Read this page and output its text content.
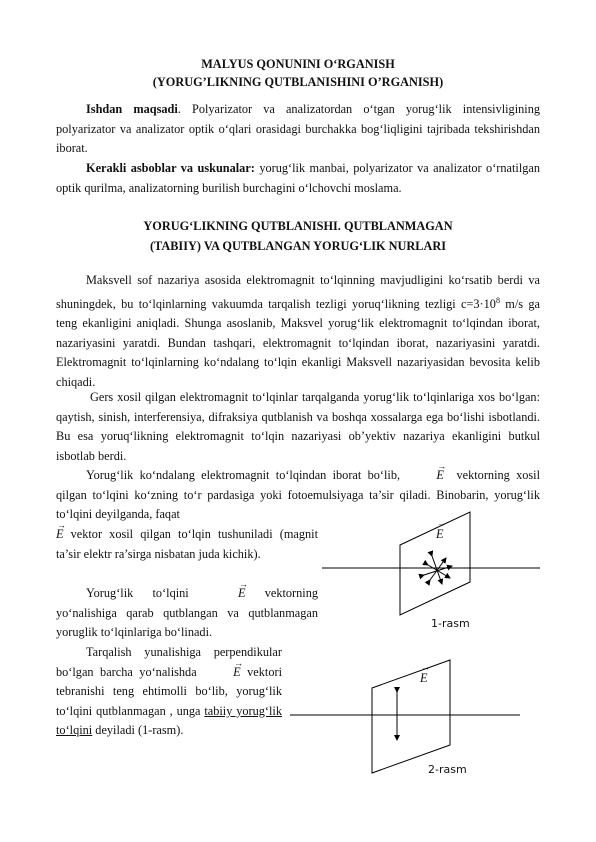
MALYUS QONUNINI O‘RGANISH
(YORUG’LIKNING QUTBLANISHINI O’RGANISH)
Ishdan maqsadi. Polyarizator va analizatordan o‘tgan yorug‘lik intensivligining polyarizator va analizator optik o‘qlari orasidagi burchakka bog‘liqligini tajribada tekshirishdan iborat.
Kerakli asboblar va uskunalar: yorug‘lik manbai, polyarizator va analizator o‘rnatilgan optik qurilma, analizatorning burilish burchagini o‘lchovchi moslama.
YORUG‘LIKNING QUTBLANISHI. QUTBLANMAGAN
(TABIIY) VA QUTBLANGAN YORUG‘LIK NURLARI
Maksvell sof nazariya asosida elektromagnit to‘lqinning mavjudligini ko‘rsatib berdi va shuningdek, bu to‘lqinlarning vakuumda tarqalish tezligi yoruq‘likning tezligi $c=3\cdot 10^8$ m/s ga teng ekanligini aniqladi. Shunga asoslanib, Maksvel yorug‘lik elektromagnit to‘lqindan iborat, nazariyasini yaratdi. Bundan tashqari, elektromagnit to‘lqindan iborat, nazariyasini yaratdi. Elektromagnit to‘lqinlarning ko‘ndalang to‘lqin ekanligi Maksvell nazariyasidan bevosita kelib chiqadi.
Gers xosil qilgan elektromagnit to‘lqinlar tarqalganda yorug‘lik to‘lqinlariga xos bo‘lgan: qaytish, sinish, interferensiya, difraksiya qutblanish va boshqa xossalarga ega bo‘lishi isbotlandi. Bu esa yoruq‘likning elektromagnit to‘lqin nazariyasi ob’yektiv nazariya ekanligini butkul isbotlab berdi.
Yorug‘lik ko‘ndalang elektromagnit to‘lqindan iborat bo‘lib,	→ E vektorning xosil qilgan to‘lqini ko‘zning to‘r pardasiga yoki fotoemulsiyaga ta’sir qiladi. Binobarin, yorug‘lik to‘lqini deyilganda, faqat
→ E vektor xosil qilgan to‘lqin tushuniladi (magnit ta’sir elektr ra’sirga nisbatan juda kichik).
Yorug‘lik to‘lqini	→ E vektorning yo‘nalishiga qarab qutblangan va qutblanmagan yoruglik to‘lqinlariga bo‘linadi.
Tarqalish yunalishiga perpendikular bo‘lgan barcha yo‘nalishda	→ E vektori tebranishi teng ehtimolli bo‘lib, yorug‘lik to‘lqini qutblanmagan , unga tabiiy yorug‘lik to‘lqini deyiladi (1-rasm).
→ E
1-rasm
→ E
2-rasm
